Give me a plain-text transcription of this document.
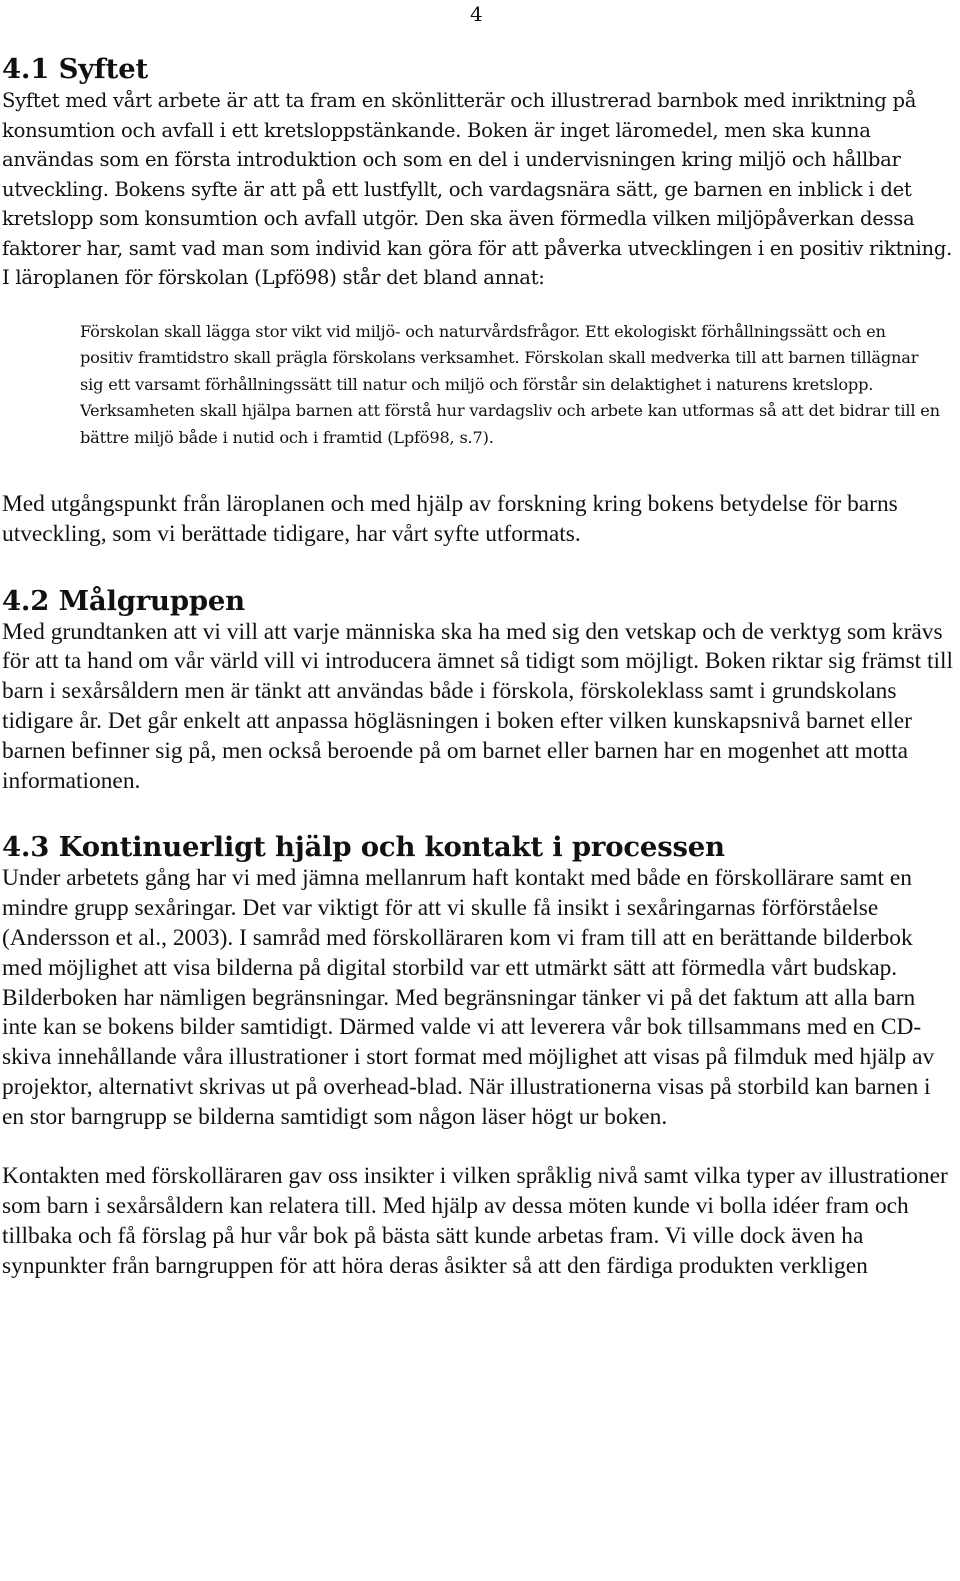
4
4.1 Syftet

Syftet med vårt arbete är att ta fram en skönlitterär och illustrerad barnbok med inriktning på konsumtion och avfall i ett kretsloppstänkande. Boken är inget läromedel, men ska kunna användas som en första introduktion och som en del i undervisningen kring miljö och hållbar utveckling. Bokens syfte är att på ett lustfyllt, och vardagsnära sätt, ge barnen en inblick i det kretslopp som konsumtion och avfall utgör. Den ska även förmedla vilken miljöpåverkan dessa faktorer har, samt vad man som individ kan göra för att påverka utvecklingen i en positiv riktning. I läroplanen för förskolan (Lpfö98) står det bland annat:

Förskolan skall lägga stor vikt vid miljö- och naturvårdsfrågor. Ett ekologiskt förhållningssätt och en positiv framtidstro skall prägla förskolans verksamhet. Förskolan skall medverka till att barnen tillägnar sig ett varsamt förhållningssätt till natur och miljö och förstår sin delaktighet i naturens kretslopp. Verksamheten skall hjälpa barnen att förstå hur vardagsliv och arbete kan utformas så att det bidrar till en bättre miljö både i nutid och i framtid (Lpfö98, s.7).

Med utgångspunkt från läroplanen och med hjälp av forskning kring bokens betydelse för barns utveckling, som vi berättade tidigare, har vårt syfte utformats.

4.2 Målgruppen

Med grundtanken att vi vill att varje människa ska ha med sig den vetskap och de verktyg som krävs för att ta hand om vår värld vill vi introducera ämnet så tidigt som möjligt. Boken riktar sig främst till barn i sexårsåldern men är tänkt att användas både i förskola, förskoleklass samt i grundskolans tidigare år. Det går enkelt att anpassa högläsningen i boken efter vilken kunskapsnivå barnet eller barnen befinner sig på, men också beroende på om barnet eller barnen har en mogenhet att motta informationen.

4.3 Kontinuerligt hjälp och kontakt i processen

Under arbetets gång har vi med jämna mellanrum haft kontakt med både en förskollärare samt en mindre grupp sexåringar. Det var viktigt för att vi skulle få insikt i sexåringarnas förförståelse (Andersson et al., 2003). I samråd med förskolläraren kom vi fram till att en berättande bilderbok med möjlighet att visa bilderna på digital storbild var ett utmärkt sätt att förmedla vårt budskap. Bilderboken har nämligen begränsningar. Med begränsningar tänker vi på det faktum att alla barn inte kan se bokens bilder samtidigt. Därmed valde vi att leverera vår bok tillsammans med en CD-skiva innehållande våra illustrationer i stort format med möjlighet att visas på filmduk med hjälp av projektor, alternativt skrivas ut på overhead-blad. När illustrationerna visas på storbild kan barnen i en stor barngrupp se bilderna samtidigt som någon läser högt ur boken.

Kontakten med förskolläraren gav oss insikter i vilken språklig nivå samt vilka typer av illustrationer som barn i sexårsåldern kan relatera till. Med hjälp av dessa möten kunde vi bolla idéer fram och tillbaka och få förslag på hur vår bok på bästa sätt kunde arbetas fram. Vi ville dock även ha synpunkter från barngruppen för att höra deras åsikter så att den färdiga produkten verkligen
